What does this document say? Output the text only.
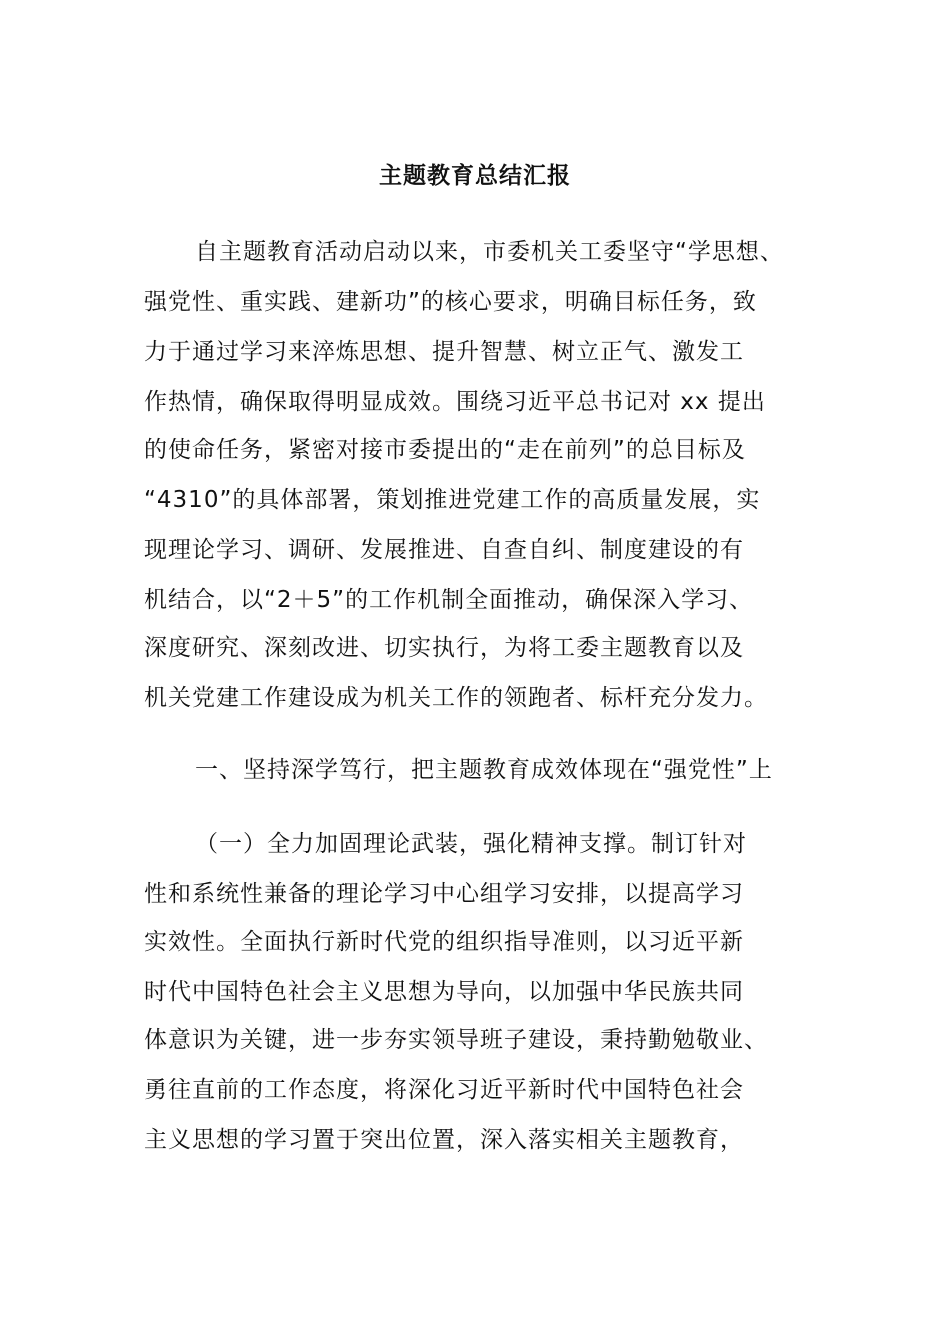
主题教育总结汇报
自主题教育活动启动以来，市委机关工委坚守“学思想、
强党性、重实践、建新功”的核心要求，明确目标任务，致
力于通过学习来淬炼思想、提升智慧、树立正气、激发工
作热情，确保取得明显成效。围绕习近平总书记对 xx 提出
的使命任务，紧密对接市委提出的“走在前列”的总目标及
“4310”的具体部署，策划推进党建工作的高质量发展，实
现理论学习、调研、发展推进、自查自纠、制度建设的有
机结合，以“2＋5”的工作机制全面推动，确保深入学习、
深度研究、深刻改进、切实执行，为将工委主题教育以及
机关党建工作建设成为机关工作的领跑者、标杆充分发力。
一、坚持深学笃行，把主题教育成效体现在“强党性”上
（一）全力加固理论武装，强化精神支撑。制订针对
性和系统性兼备的理论学习中心组学习安排，以提高学习
实效性。全面执行新时代党的组织指导准则，以习近平新
时代中国特色社会主义思想为导向，以加强中华民族共同
体意识为关键，进一步夯实领导班子建设，秉持勤勉敬业、
勇往直前的工作态度，将深化习近平新时代中国特色社会
主义思想的学习置于突出位置，深入落实相关主题教育，
